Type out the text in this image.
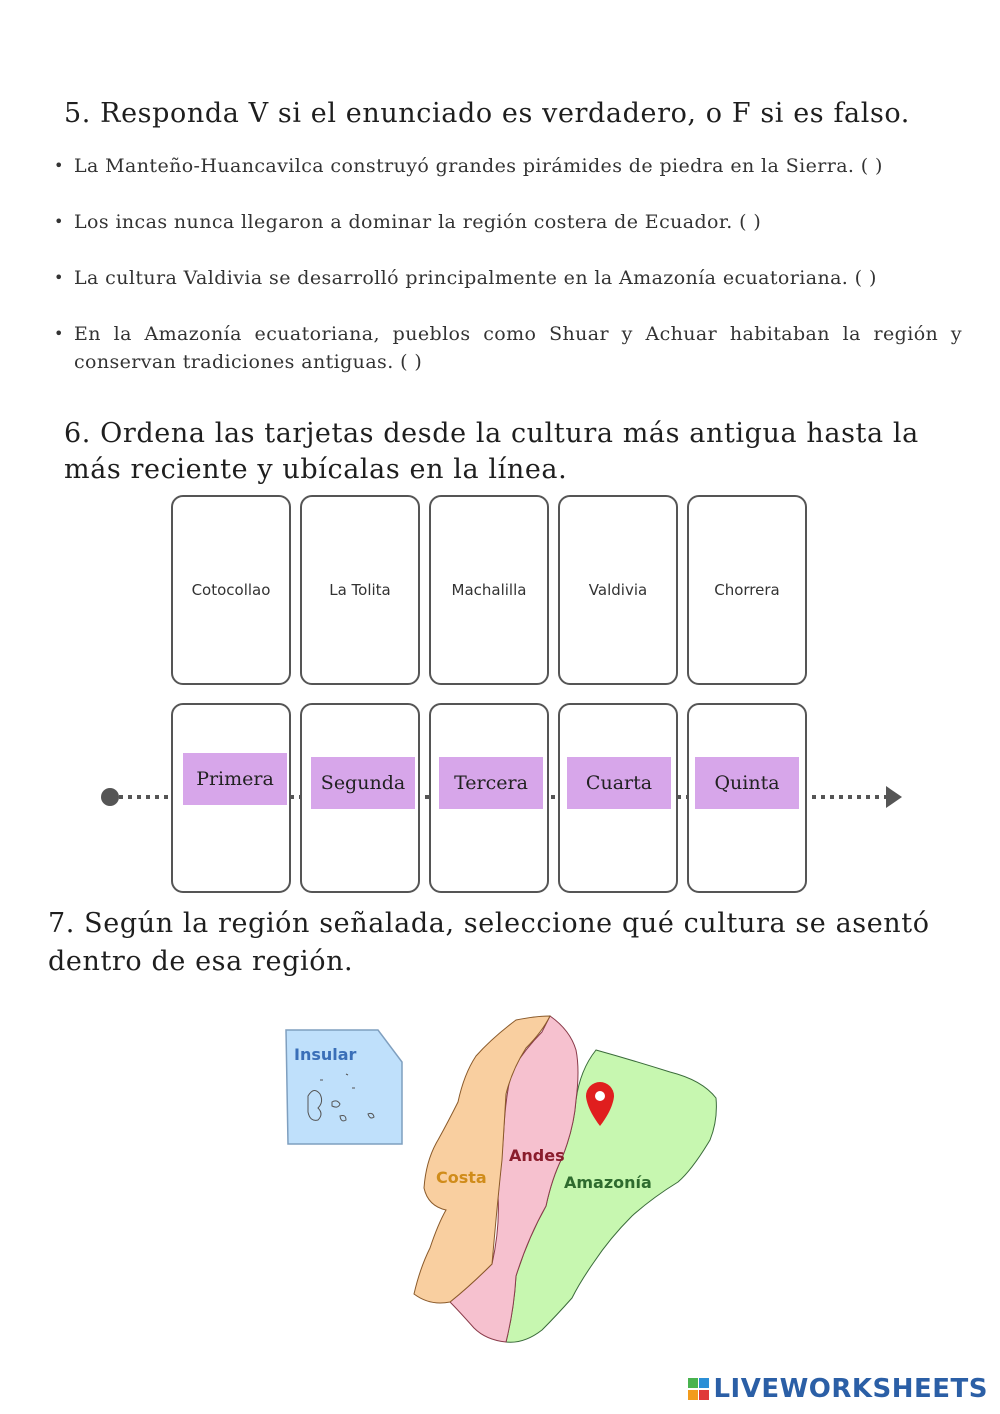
5. Responda V si el enunciado es verdadero, o F si es falso.
• La Manteño-Huancavilca construyó grandes pirámides de piedra en la Sierra. ( )
• Los incas nunca llegaron a dominar la región costera de Ecuador. ( )
• La cultura Valdivia se desarrolló principalmente en la Amazonía ecuatoriana. ( )
• En la Amazonía ecuatoriana, pueblos como Shuar y Achuar habitaban la región y conservan tradiciones antiguas. ( )
6. Ordena las tarjetas desde la cultura más antigua hasta la
más reciente y ubícalas en la línea.
Cotocollao	La Tolita	Machalilla	Valdivia	Chorrera
Primera	Segunda	Tercera	Cuarta	Quinta
7. Según la región señalada, seleccione qué cultura se asentó
dentro de esa región.
Insular
Costa
Andes
Amazonía
LIVEWORKSHEETS
